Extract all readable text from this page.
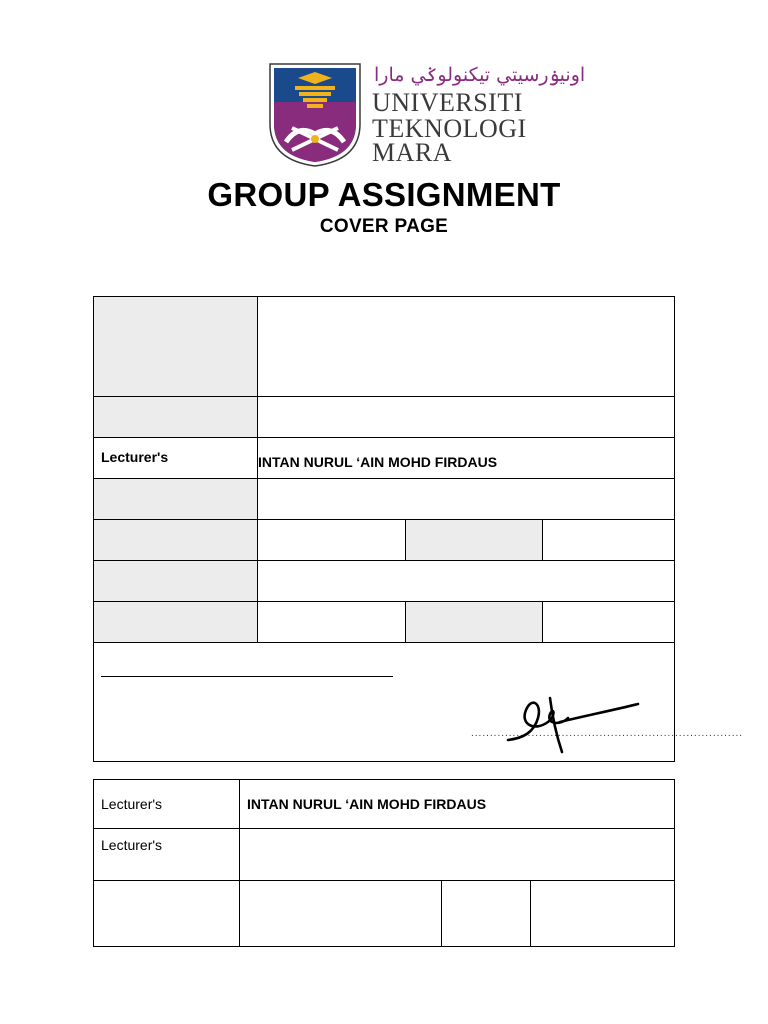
اونيۏرسيتي تيكنولوݢي مارا
UNIVERSITI
TEKNOLOGI
MARA
GROUP ASSIGNMENT
COVER PAGE
Lecturer's	INTAN NURUL ‘AIN MOHD FIRDAUS
........................................................................
Lecturer's	INTAN NURUL ‘AIN MOHD FIRDAUS
Lecturer's
